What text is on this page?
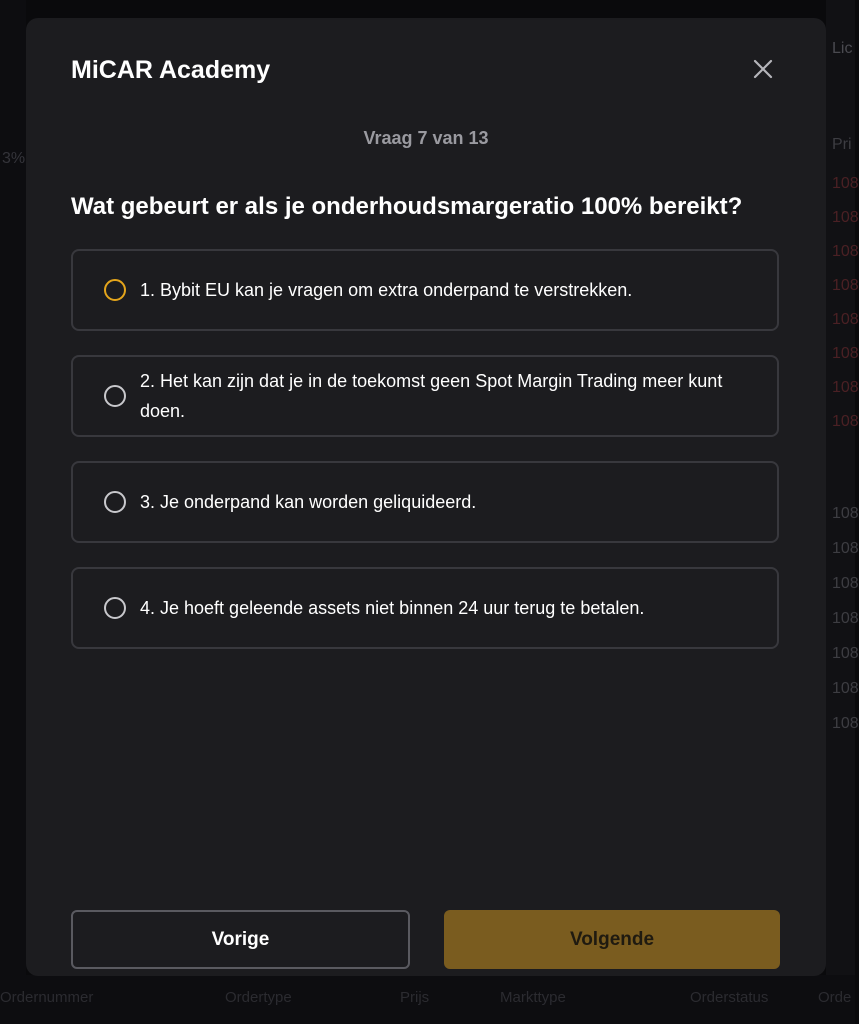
3%
Lic
Pri
108
108
108
108
108
108
108
108
108
108
108
108
108
108
108
Ordernummer	Ordertype	Prijs	Markttype	Orderstatus	Orde
MiCAR Academy
Vraag 7 van 13
Wat gebeurt er als je onderhoudsmargeratio 100% bereikt?
1. Bybit EU kan je vragen om extra onderpand te verstrekken.
2. Het kan zijn dat je in de toekomst geen Spot Margin Trading meer kunt doen.
3. Je onderpand kan worden geliquideerd.
4. Je hoeft geleende assets niet binnen 24 uur terug te betalen.
Vorige	Volgende
